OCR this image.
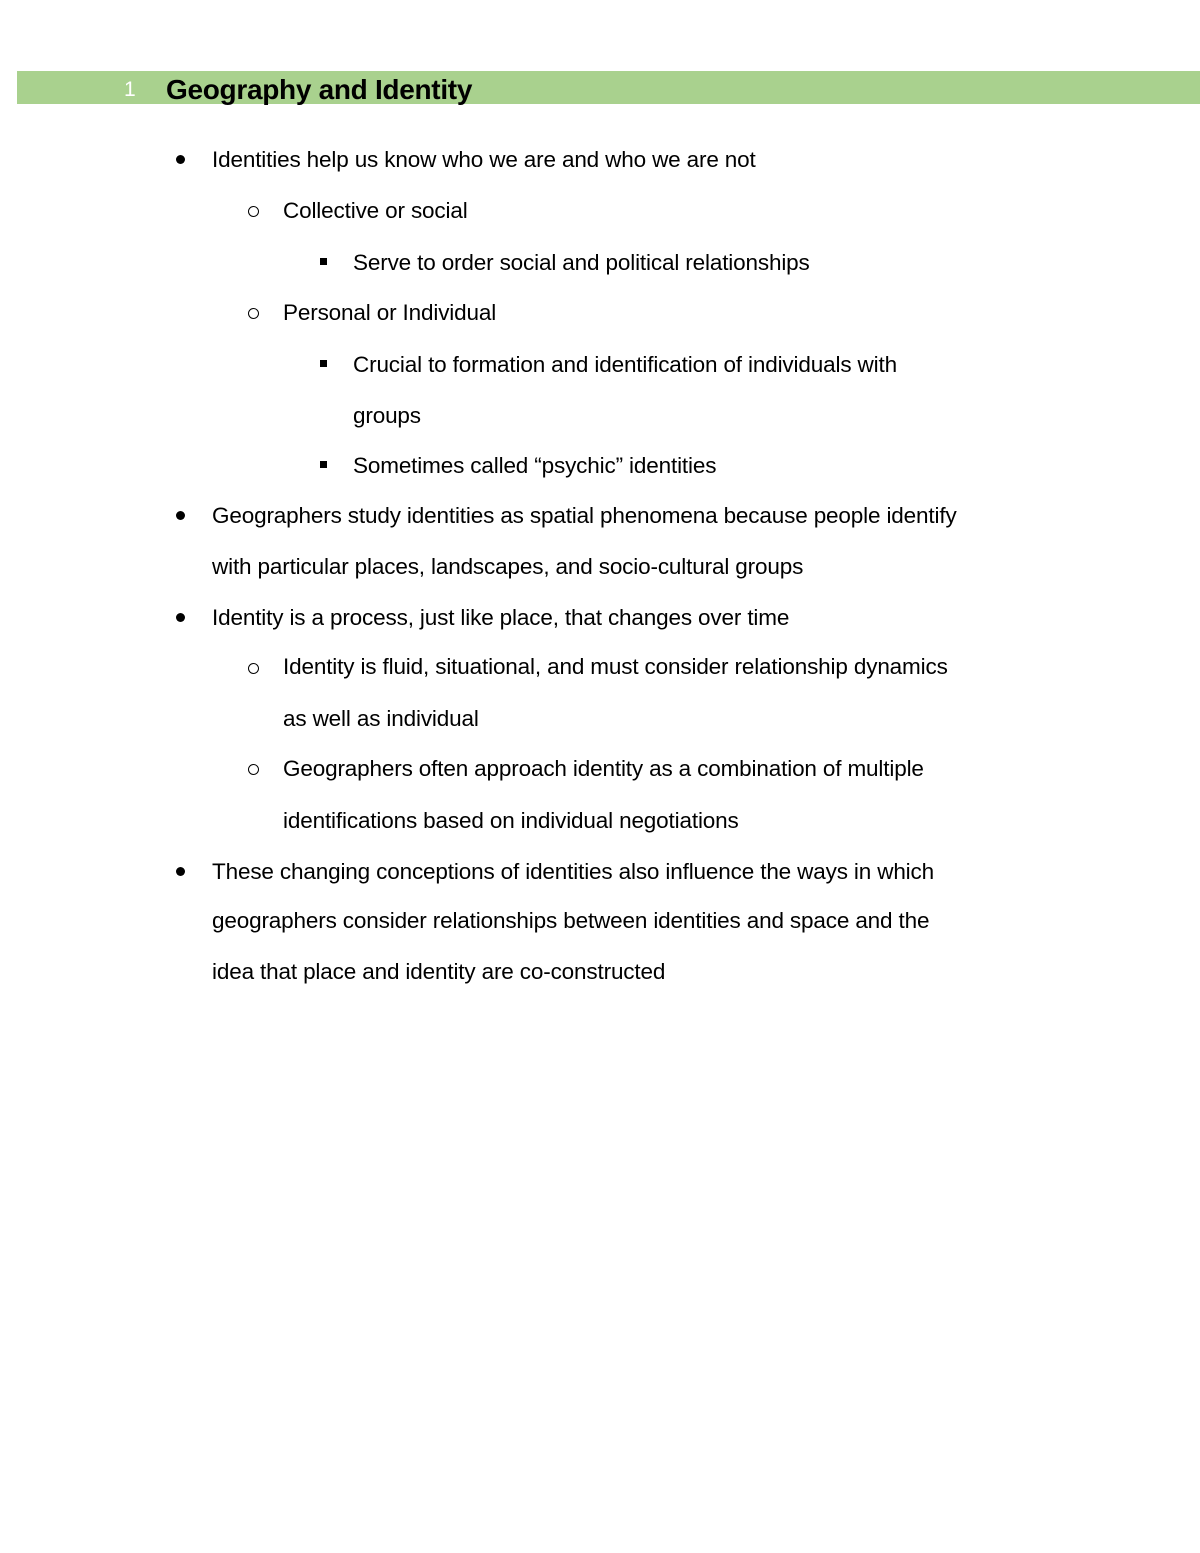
1 Geography and Identity
Identities help us know who we are and who we are not
Collective or social
Serve to order social and political relationships
Personal or Individual
Crucial to formation and identification of individuals with
groups
Sometimes called “psychic” identities
Geographers study identities as spatial phenomena because people identify
with particular places, landscapes, and socio-cultural groups
Identity is a process, just like place, that changes over time
Identity is fluid, situational, and must consider relationship dynamics
as well as individual
Geographers often approach identity as a combination of multiple
identifications based on individual negotiations
These changing conceptions of identities also influence the ways in which
geographers consider relationships between identities and space and the
idea that place and identity are co-constructed
